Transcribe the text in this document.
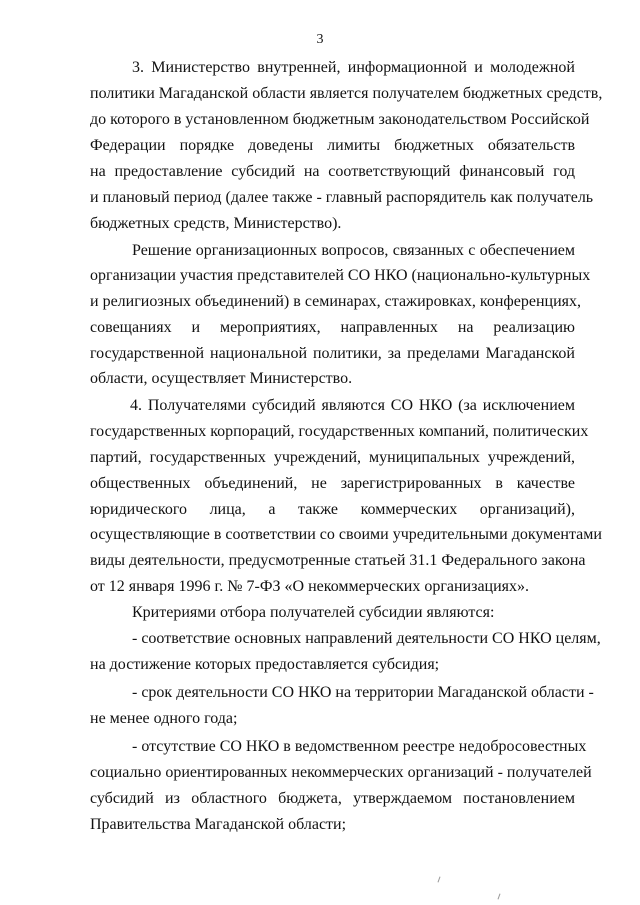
3
3. Министерство внутренней, информационной и молодежной
политики Магаданской области является получателем бюджетных средств,
до которого в установленном бюджетным законодательством Российской
Федерации порядке доведены лимиты бюджетных обязательств
на предоставление субсидий на соответствующий финансовый год
и плановый период (далее также - главный распорядитель как получатель
бюджетных средств, Министерство).
Решение организационных вопросов, связанных с обеспечением
организации участия представителей СО НКО (национально-культурных
и религиозных объединений) в семинарах, стажировках, конференциях,
совещаниях и мероприятиях, направленных на реализацию
государственной национальной политики, за пределами Магаданской
области, осуществляет Министерство.
4. Получателями субсидий являются СО НКО (за исключением
государственных корпораций, государственных компаний, политических
партий, государственных учреждений, муниципальных учреждений,
общественных объединений, не зарегистрированных в качестве
юридического лица, а также коммерческих организаций),
осуществляющие в соответствии со своими учредительными документами
виды деятельности, предусмотренные статьей 31.1 Федерального закона
от 12 января 1996 г. № 7-ФЗ «О некоммерческих организациях».
Критериями отбора получателей субсидии являются:
- соответствие основных направлений деятельности СО НКО целям,
на достижение которых предоставляется субсидия;
- срок деятельности СО НКО на территории Магаданской области -
не менее одного года;
- отсутствие СО НКО в ведомственном реестре недобросовестных
социально ориентированных некоммерческих организаций - получателей
субсидий из областного бюджета, утверждаемом постановлением
Правительства Магаданской области;
